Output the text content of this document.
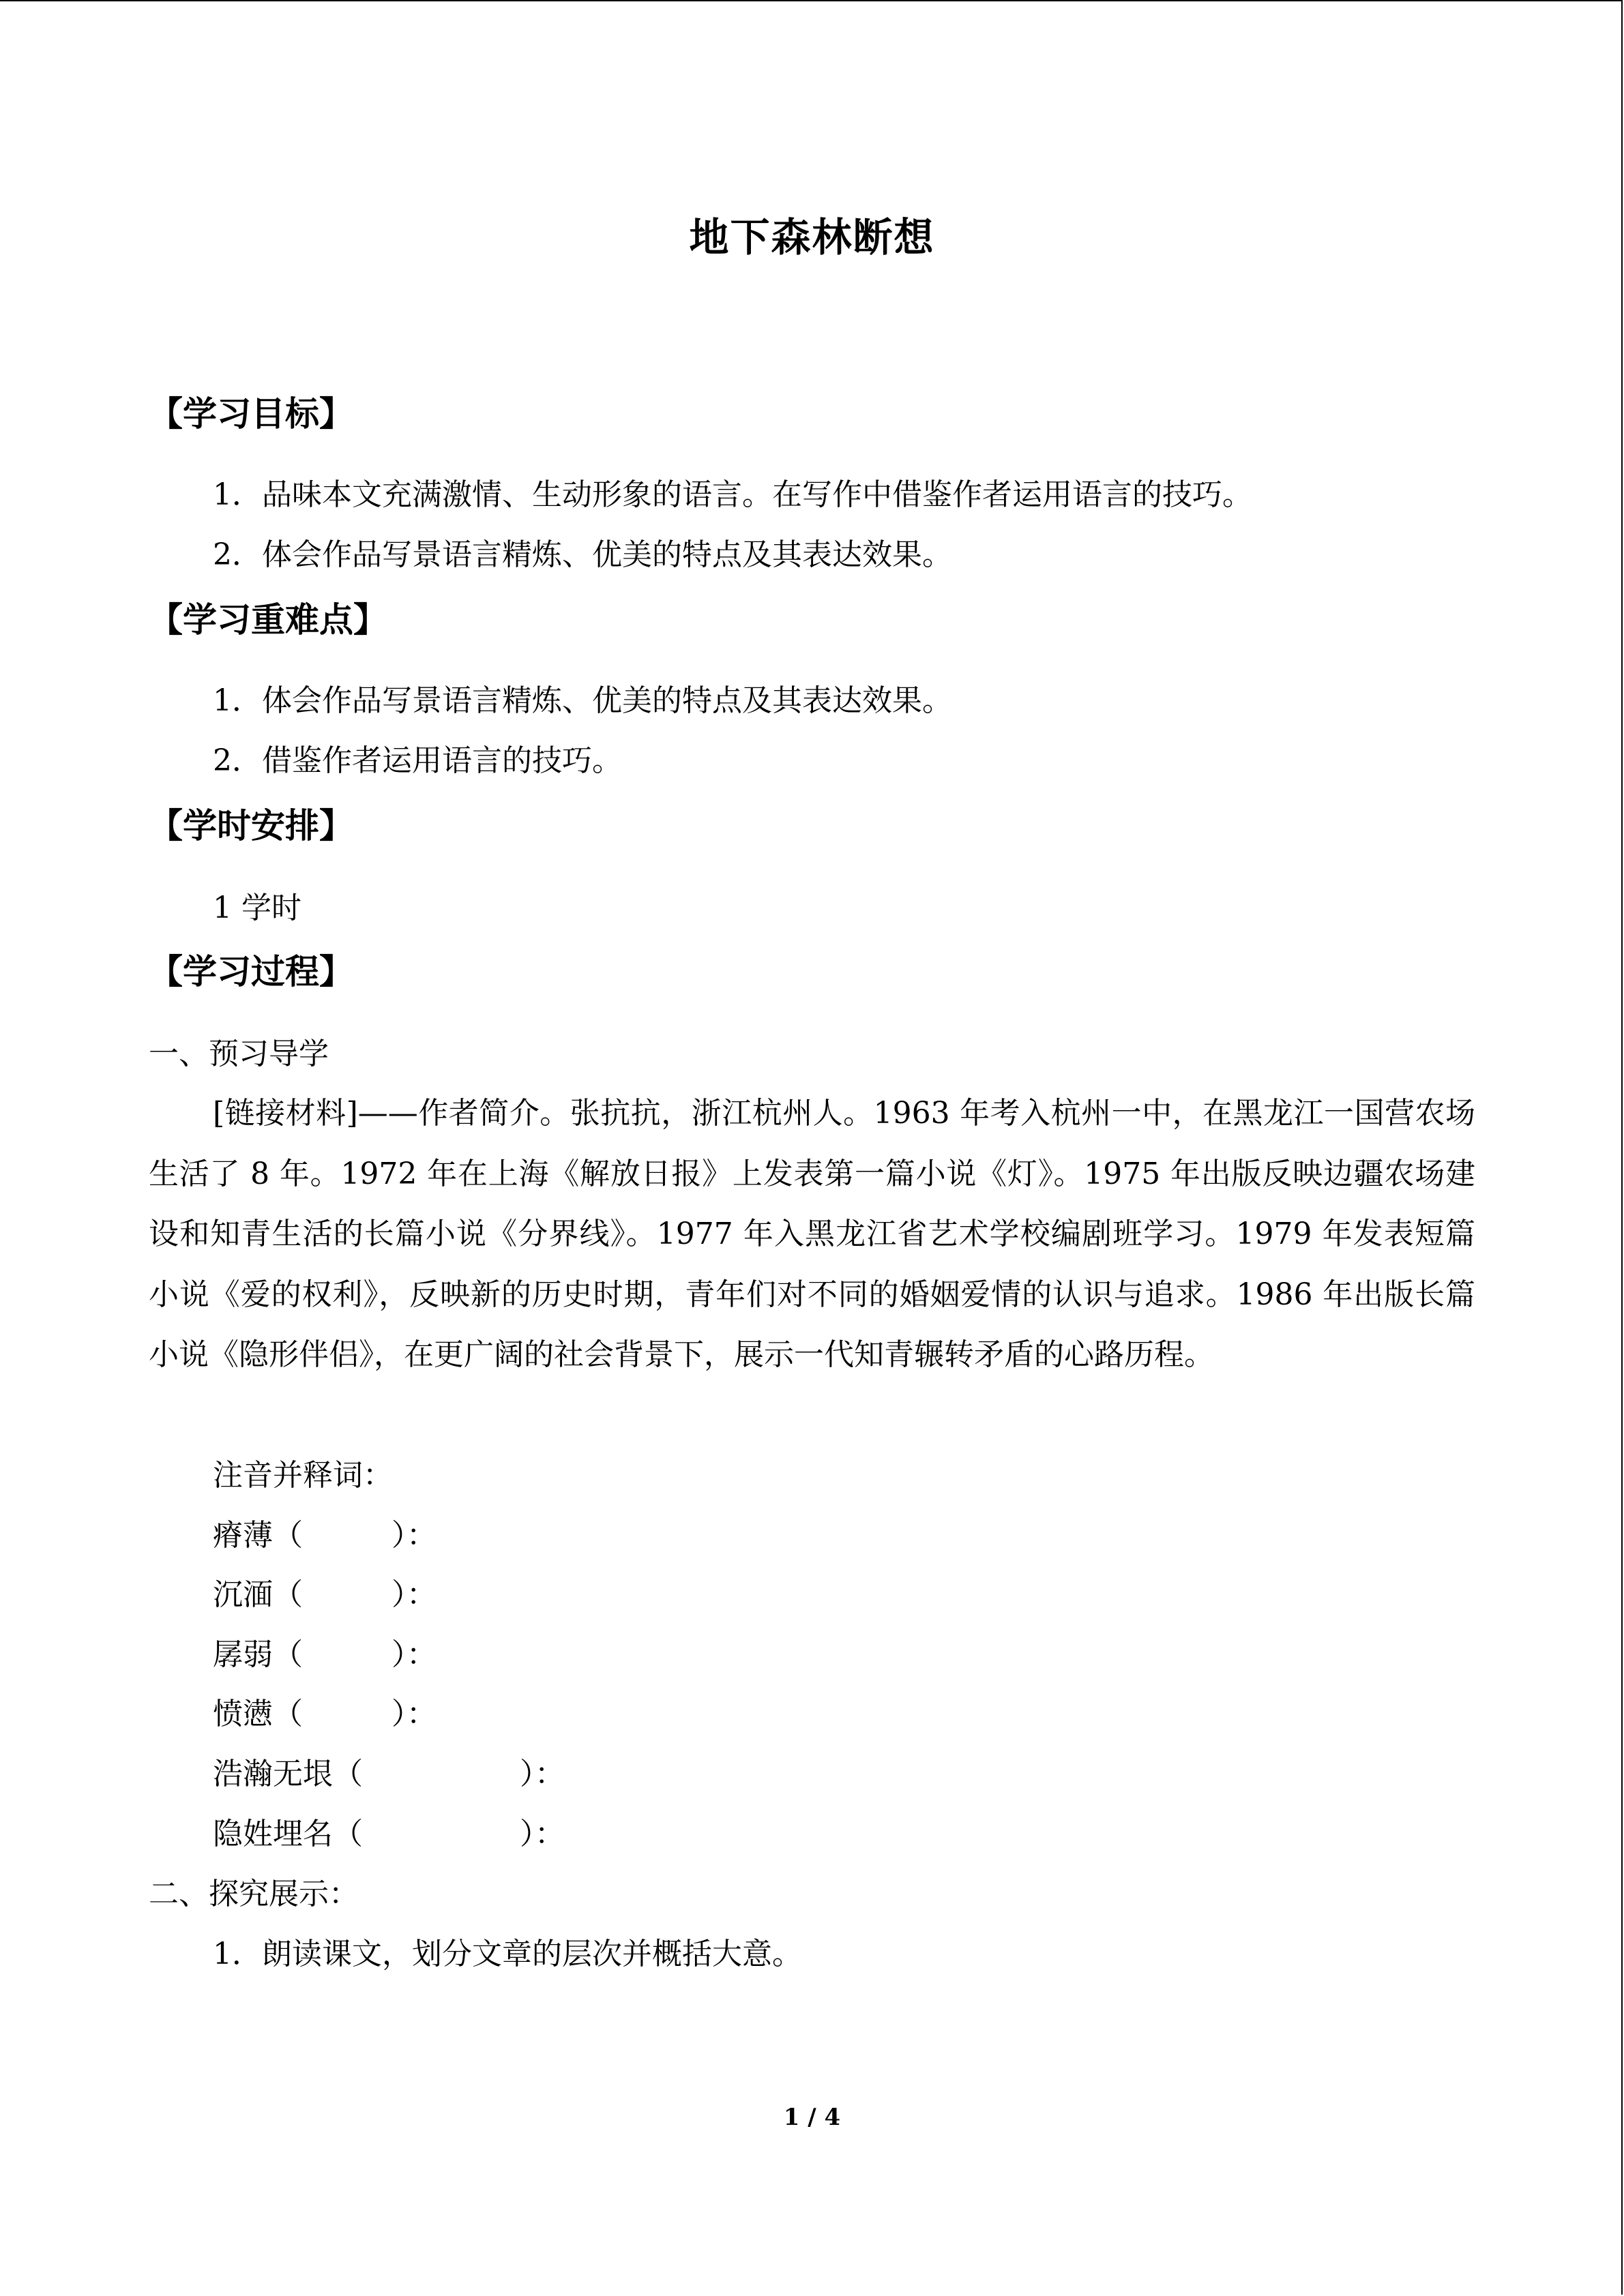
地下森林断想
【学习目标】
1．品味本文充满激情、生动形象的语言。在写作中借鉴作者运用语言的技巧。
2．体会作品写景语言精炼、优美的特点及其表达效果。
【学习重难点】
1．体会作品写景语言精炼、优美的特点及其表达效果。
2．借鉴作者运用语言的技巧。
【学时安排】
1 学时
【学习过程】
一、预习导学
[链接材料]——作者简介。张抗抗，浙江杭州人。1963 年考入杭州一中，在黑龙江一国营农场生活了 8 年。1972 年在上海《解放日报》上发表第一篇小说《灯》。1975 年出版反映边疆农场建设和知青生活的长篇小说《分界线》。1977 年入黑龙江省艺术学校编剧班学习。1979 年发表短篇小说《爱的权利》，反映新的历史时期，青年们对不同的婚姻爱情的认识与追求。1986 年出版长篇小说《隐形伴侣》，在更广阔的社会背景下，展示一代知青辗转矛盾的心路历程。
注音并释词：
瘠薄（	）：
沉湎（	）：
孱弱（	）：
愤懑（	）：
浩瀚无垠（	）：
隐姓埋名（	）：
二、探究展示：
1．朗读课文，划分文章的层次并概括大意。
1 / 4
